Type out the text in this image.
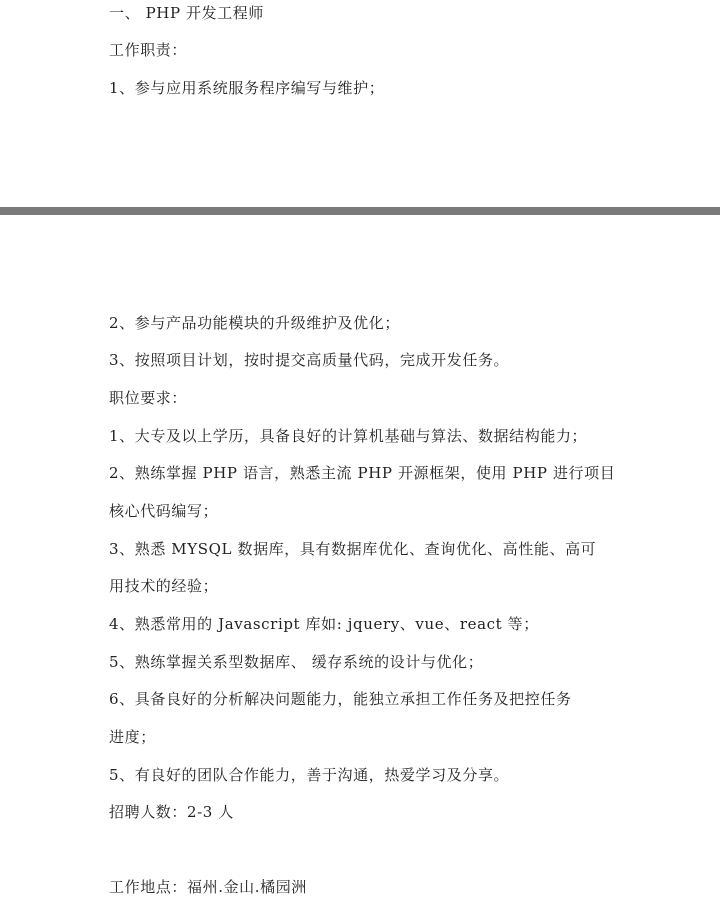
一、 PHP 开发工程师
工作职责：
1、参与应用系统服务程序编写与维护；
2、参与产品功能模块的升级维护及优化；
3、按照项目计划，按时提交高质量代码，完成开发任务。
职位要求：
1、大专及以上学历，具备良好的计算机基础与算法、数据结构能力；
2、熟练掌握 PHP 语言，熟悉主流 PHP 开源框架，使用 PHP 进行项目
核心代码编写；
3、熟悉 MYSQL 数据库，具有数据库优化、查询优化、高性能、高可
用技术的经验；
4、熟悉常用的 Javascript 库如: jquery、vue、react 等；
5、熟练掌握关系型数据库、 缓存系统的设计与优化；
6、具备良好的分析解决问题能力，能独立承担工作任务及把控任务
进度；
5、有良好的团队合作能力，善于沟通，热爱学习及分享。
招聘人数：2-3 人
工作地点：福州.金山.橘园洲
